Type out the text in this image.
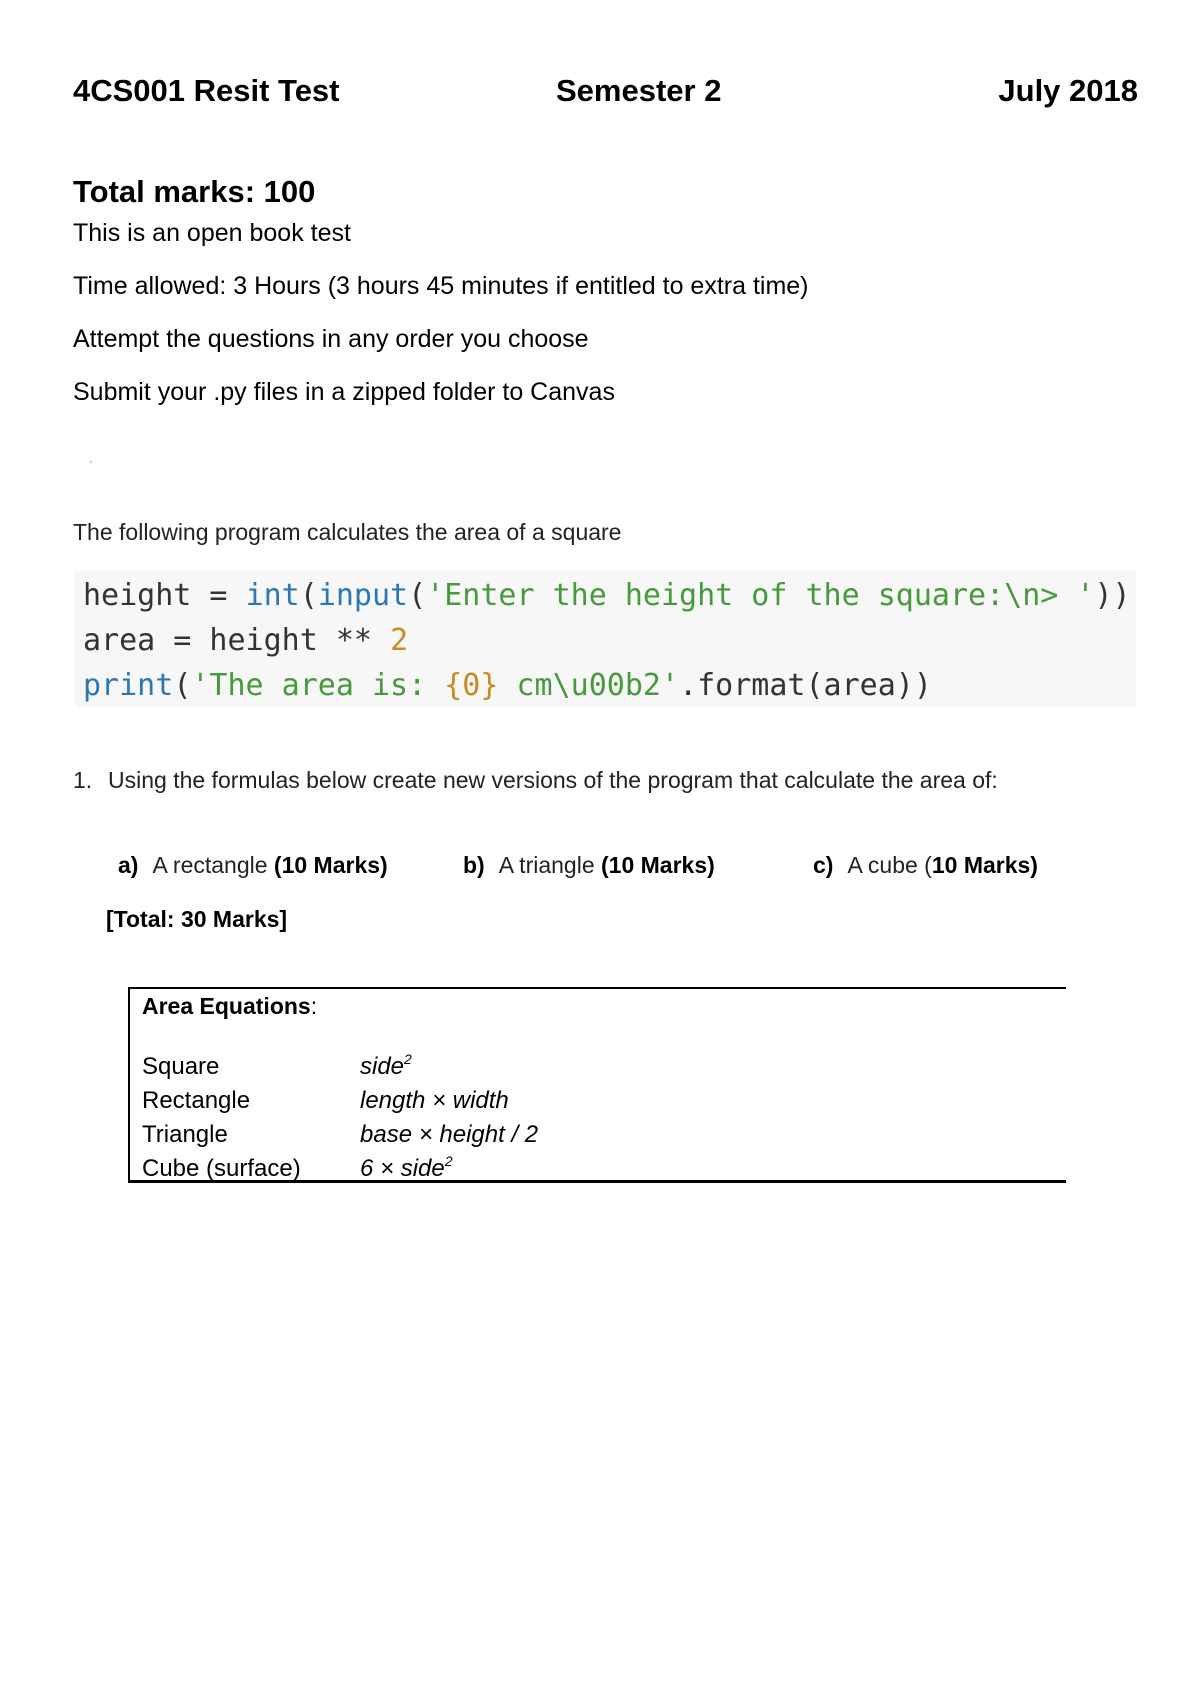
4CS001 Resit Test	Semester 2	July 2018
Total marks: 100
This is an open book test
Time allowed: 3 Hours (3 hours 45 minutes if entitled to extra time)
Attempt the questions in any order you choose
Submit your .py files in a zipped folder to Canvas
'
The following program calculates the area of a square
height = int(input('Enter the height of the square:\n> '))
area = height ** 2
print('The area is: {0} cm\u00b2'.format(area))
1. Using the formulas below create new versions of the program that calculate the area of:
a) A rectangle (10 Marks)	b) A triangle (10 Marks)	c) A cube (10 Marks)
[Total: 30 Marks]
Area Equations:
Square	side$^2$
Rectangle	length × width
Triangle	base × height / 2
Cube (surface) 6 × side$^2$
